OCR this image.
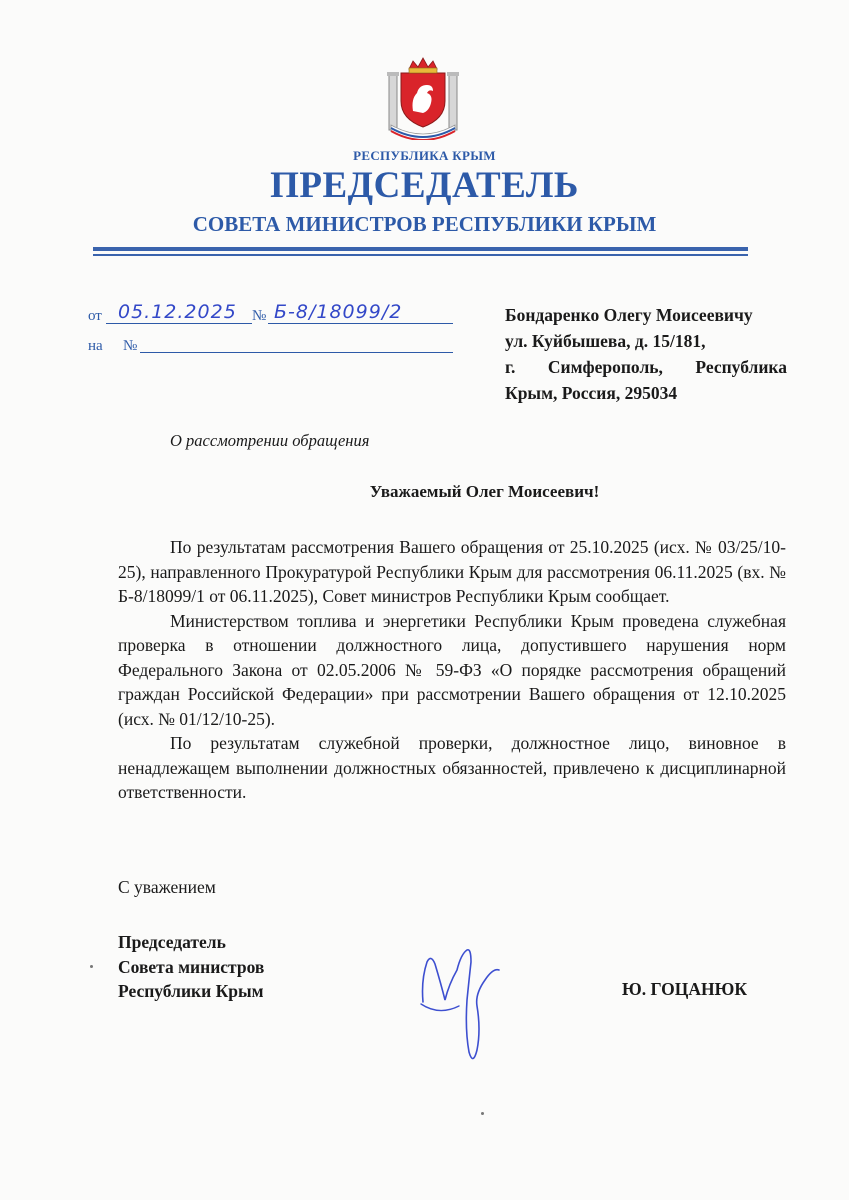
РЕСПУБЛИКА КРЫМ
ПРЕДСЕДАТЕЛЬ
СОВЕТА МИНИСТРОВ РЕСПУБЛИКИ КРЫМ
от 05.12.2025 № Б-8/18099/2
на №
Бондаренко Олегу Моисеевичу
ул. Куйбышева, д. 15/181,
г. Симферополь, Республика
Крым, Россия, 295034
О рассмотрении обращения
Уважаемый Олег Моисеевич!

По результатам рассмотрения Вашего обращения от 25.10.2025 (исх. № 03/25/10-25), направленного Прокуратурой Республики Крым для рассмотрения 06.11.2025 (вх. № Б-8/18099/1 от 06.11.2025), Совет министров Республики Крым сообщает.

Министерством топлива и энергетики Республики Крым проведена служебная проверка в отношении должностного лица, допустившего нарушения норм Федерального Закона от 02.05.2006 № 59-ФЗ «О порядке рассмотрения обращений граждан Российской Федерации» при рассмотрении Вашего обращения от 12.10.2025 (исх. № 01/12/10-25).

По результатам служебной проверки, должностное лицо, виновное в ненадлежащем выполнении должностных обязанностей, привлечено к дисциплинарной ответственности.

С уважением
Председатель
Совета министров
Республики Крым	Ю. ГОЦАНЮК
